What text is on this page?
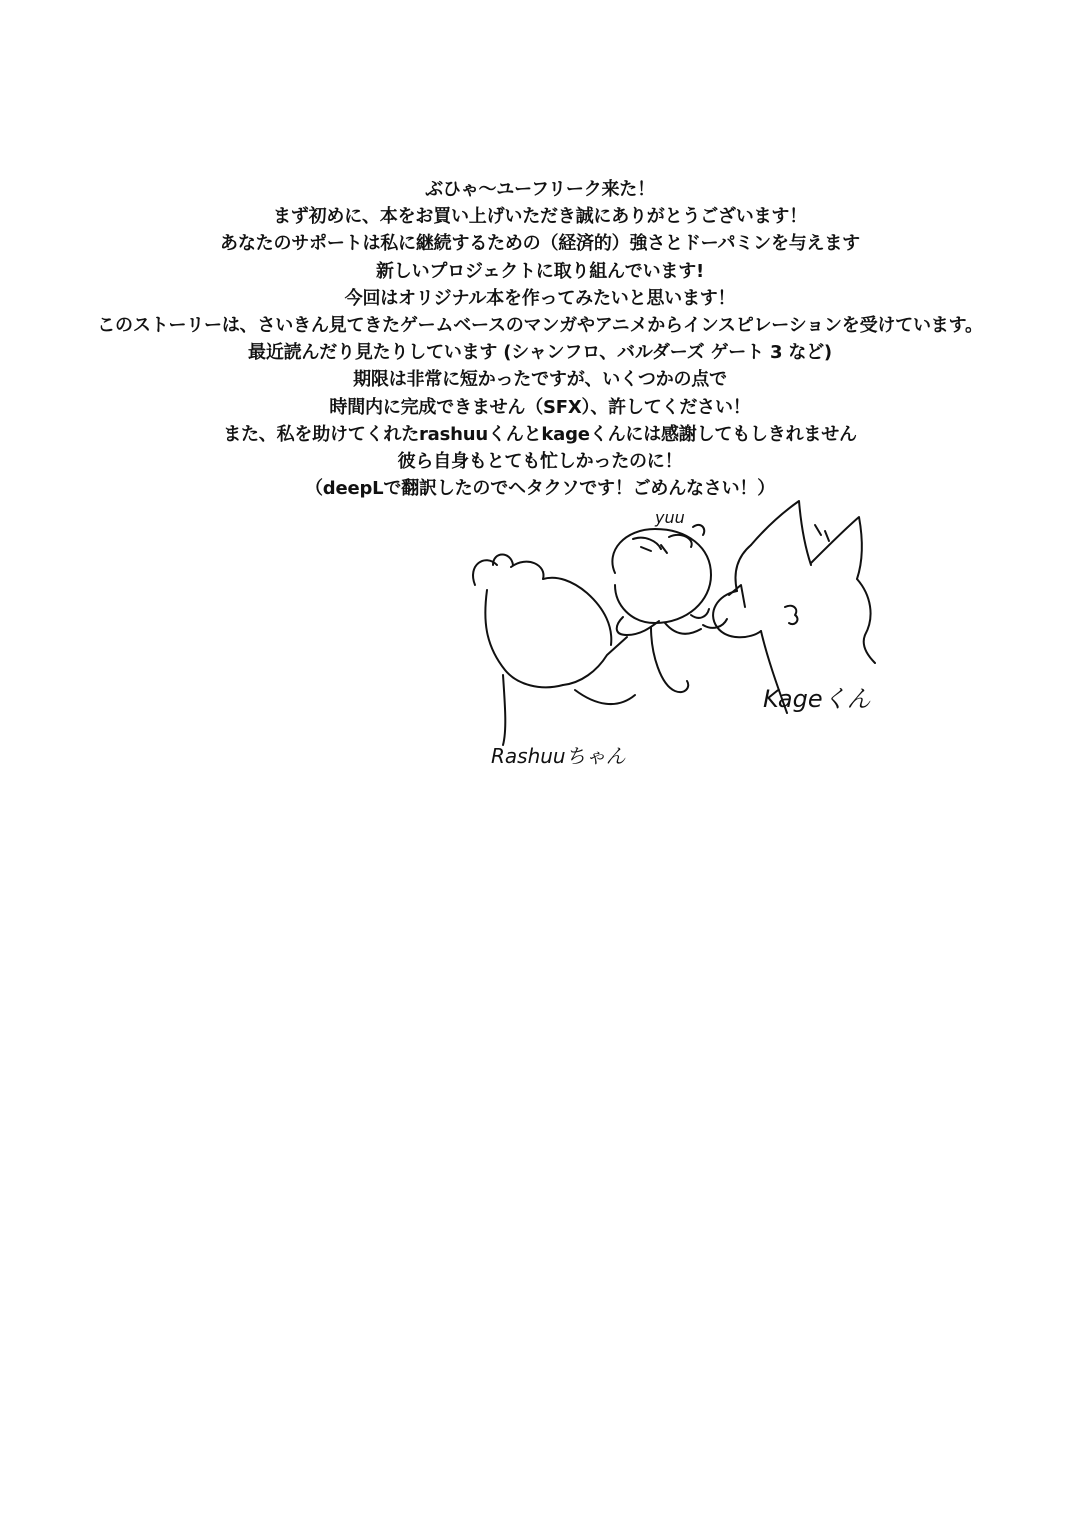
ぶひゃ〜ユーフリーク来た！
まず初めに、本をお買い上げいただき誠にありがとうございます！
あなたのサポートは私に継続するための（経済的）強さとドーパミンを与えます
新しいプロジェクトに取り組んでいます!
今回はオリジナル本を作ってみたいと思います！
このストーリーは、さいきん見てきたゲームベースのマンガやアニメからインスピレーションを受けています。
最近読んだり見たりしています (シャンフロ、バルダーズ ゲート 3 など)
期限は非常に短かったですが、いくつかの点で
時間内に完成できません（SFX）、許してください！
また、私を助けてくれたrashuuくんとkageくんには感謝してもしきれません
彼ら自身もとても忙しかったのに！
（deepLで翻訳したのでヘタクソです！ごめんなさい！）
yuu
Kageくん
Rashuuちゃん
